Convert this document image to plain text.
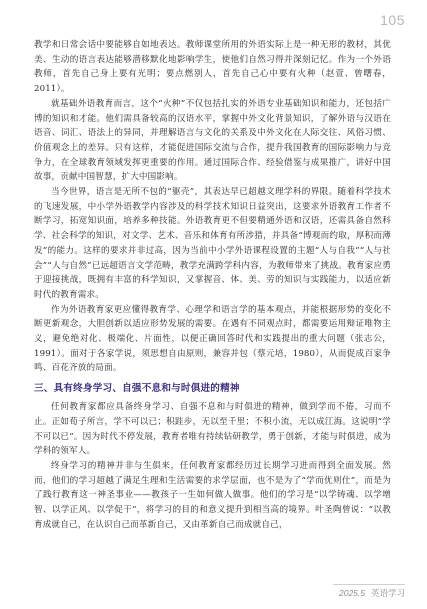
105

教学和日常会话中要能够自如地表达。教师课堂所用的外语实际上是一种无形的教材，其优美、生动的语言表达能够潜移默化地影响学生，使他们自然习得并深刻记忆。作为一个外语教师，首先自己身上要有光明；要点燃别人，首先自己心中要有火种（赵萱、曾曙春，2011）。

就基础外语教育而言，这个“火种”不仅包括扎实的外语专业基础知识和能力，还包括广博的知识和才能。他们需具备较高的汉语水平，掌握中外文化背景知识，了解外语与汉语在语音、词汇、语法上的异同，并理解语言与文化的关系及中外文化在人际交往、风俗习惯、价值观念上的差异。只有这样，才能促进国际交流与合作，提升我国教育的国际影响力与竞争力，在全球教育领域发挥更重要的作用。通过国际合作、经验借鉴与成果推广，讲好中国故事，贡献中国智慧，扩大中国影响。

当今世界，语言是无所不包的“躯壳”，其表达早已超越文理学科的界限。随着科学技术的飞速发展，中小学外语教学内容涉及的科学技术知识日益突出，这要求外语教育工作者不断学习，拓宽知识面，培养多种技能。外语教育更不但要精通外语和汉语，还需具备自然科学、社会科学的知识，对文学、艺术、音乐和体育有所涉猎，并具备“博观而约取，厚积而薄发”的能力。这样的要求并非过高，因为当前中小学外语课程设置的主题“人与自我”“人与社会”“人与自然”已远超语言文学范畴，教学充满跨学科内容，为教师带来了挑战。教育家应勇于迎接挑战，既拥有丰富的科学知识，又掌握音、体、美、劳的知识与实践能力，以适应新时代的教育需求。

作为外语教育家更应懂得教育学、心理学和语言学的基本观点，并能根据形势的变化不断更新观念，大胆创新以适应形势发展的需要。在遇有不同观点时，都需要运用辩证唯物主义，避免绝对化、极端化、片面性，以便正确回答时代和实践提出的重大问题（张志公，1991）。面对于各家学说，须思想自由原则，兼容并包（蔡元培，1980），从而促成百家争鸣、百花齐放的局面。

三、具有终身学习、自强不息和与时俱进的精神

任何教育家都应具备终身学习、自强不息和与时俱进的精神，做到学而不倦，习而不止。正如荀子所言，学不可以已；积跬步，无以至千里；不积小流，无以成江海。这说明“学不可以已”。因为时代不停发展，教育者唯有持续钻研教学，勇于创新，才能与时俱进，成为学科的领军人。

终身学习的精神并非与生俱来，任何教育家都经历过长期学习进而得到全面发展。然而，他们的学习超越了满足生理和生活需要的求学层面，也不是为了“学而优则仕”，而是为了践行教育这一神圣事业——教孩子一生如何做人做事。他们的学习是“以学铸魂、以学增智、以学正风、以学促干”，将学习的目的和意义提升到相当高的境界。叶圣陶曾说：“以教育成就自己，在认识自己而革新自己，又由革新自己而成就自己，

2025.5 英语学习
